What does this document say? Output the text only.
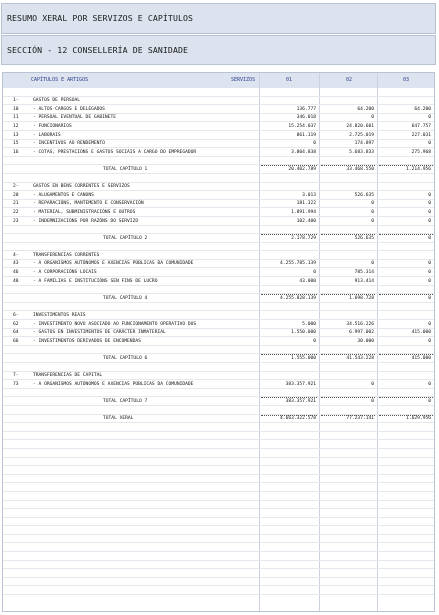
RESUMO XERAL POR SERVIZOS E CAPÍTULOS
SECCIÓN - 12 CONSELLERÍA DE SANIDADE
CAPÍTULOS E ARTIGOS	SERVIZOS	01	02	03
1-	GASTOS DE PERSOAL
10	- ALTOS CARGOS E DELEGADOS	136.777	64.200	64.200
11	- PERSOAL EVENTUAL DE GABINETE	346.018	0	0
12	- FUNCIONARIOS	15.254.037	24.820.601	647.757
13	- LABORAIS	861.119	2.725.019	227.031
15	- INCENTIVOS AO RENDEMENTO	0	174.897	0
16	- COTAS, PRESTACIÓNS E GASTOS SOCIAIS A CARGO DO EMPREGADOR	3.804.838	5.683.833	275.968
TOTAL CAPÍTULO 1	20.402.789	33.468.550	1.214.956
2-	GASTOS EN BENS CORRENTES E SERVIZOS
20	- ALUGAMENTOS E CANONS	3.013	526.635	0
21	- REPARACIÓNS, MANTEMENTO E CONSERVACIÓN	181.322	0	0
22	- MATERIAL, SUBMINISTRACIÓNS E OUTROS	1.891.994	0	0
23	- INDEMNIZACIÓNS POR RAZÓNS DO SERVIZO	102.400	0	0
TOTAL CAPÍTULO 2	2.178.729	526.635	0
4-	TRANSFERENCIAS CORRENTES
43	- A ORGANISMOS AUTÓNOMOS E AXENCIAS PÚBLICAS DA COMUNIDADE	4.255.785.139	0	0
46	- A CORPORACIÓNS LOCAIS	0	785.314	0
48	- A FAMILIAS E INSTITUCIÓNS SEN FINS DE LUCRO	43.000	913.414	0
TOTAL CAPÍTULO 4	4.255.828.139	1.698.728	0
6-	INVESTIMENTOS REAIS
62	- INVESTIMENTO NOVO ASOCIADO AO FUNCIONAMENTO OPERATIVO DOS	5.000	34.516.226	0
64	- GASTOS EN INVESTIMENTOS DE CARÁCTER INMATERIAL	1.550.000	6.997.002	415.000
66	- INVESTIMENTOS DERIVADOS DE ENCOMENDAS	0	30.000	0
TOTAL CAPÍTULO 6	1.555.000	41.543.228	415.000
7-	TRANSFERENCIAS DE CAPITAL
73	- A ORGANISMOS AUTÓNOMOS E AXENCIAS PÚBLICAS DA COMUNIDADE	383.357.921	0	0
TOTAL CAPÍTULO 7	383.357.921	0	0
TOTAL XERAL	4.663.322.578	77.237.141	1.629.956
